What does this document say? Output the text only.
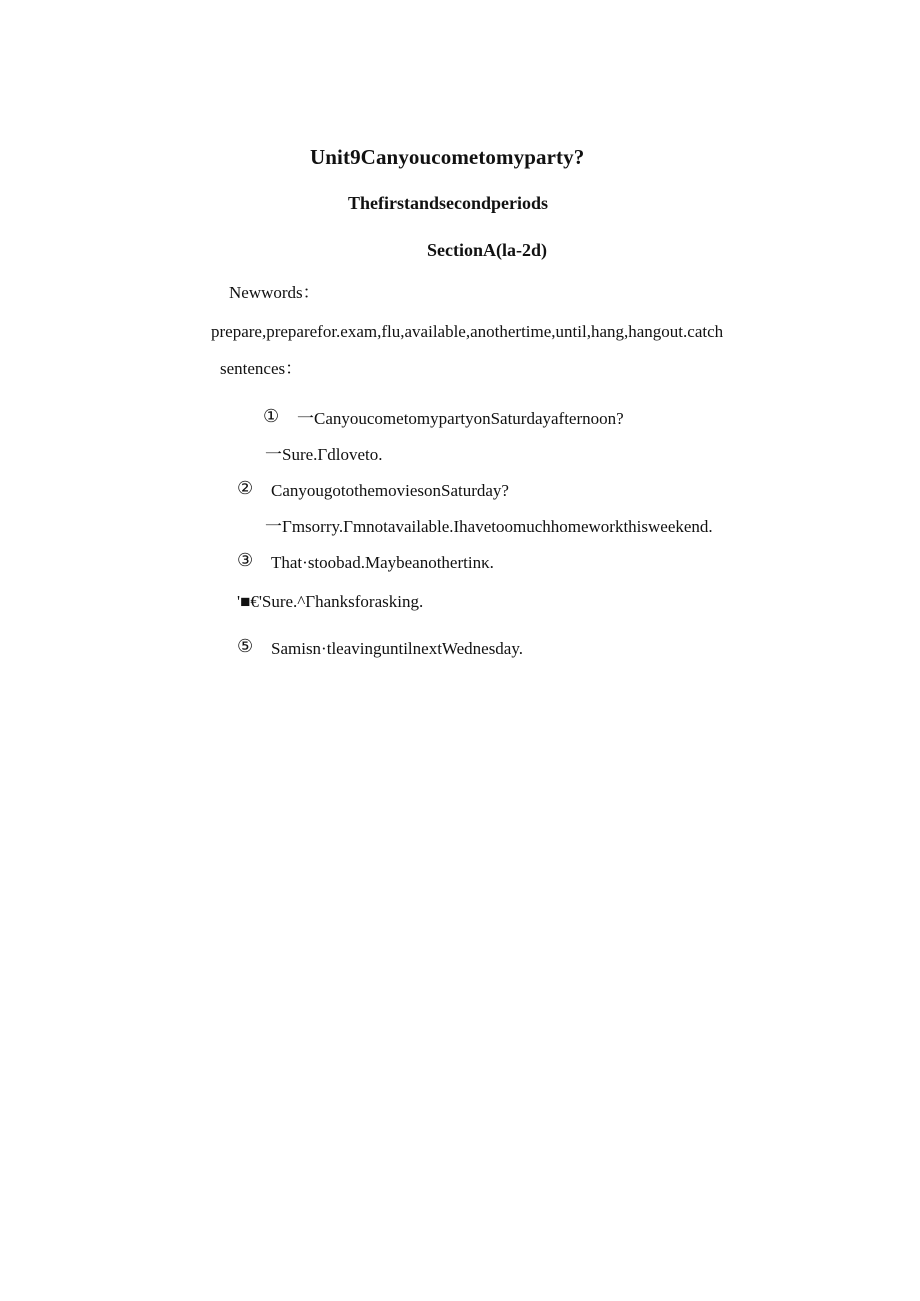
Unit9Canyoucometomyparty?
Thefirstandsecondperiods
SectionA(la-2d)
Newwords：
prepare,preparefor.exam,flu,available,anothertime,until,hang,hangout.catch
sentences：
① 一CanyoucometomypartyonSaturdayafternoon?
一Sure.Γdloveto.
② CanyougotothemoviesonSaturday?
一Γmsorry.Γmnotavailable.Ihavetoomuchhomeworkthisweekend.
③ That·stoobad.Maybeanothertinκ.
'■€'Sure.^Γhanksforasking.
⑤ Samisn·tleavinguntilnextWednesday.
